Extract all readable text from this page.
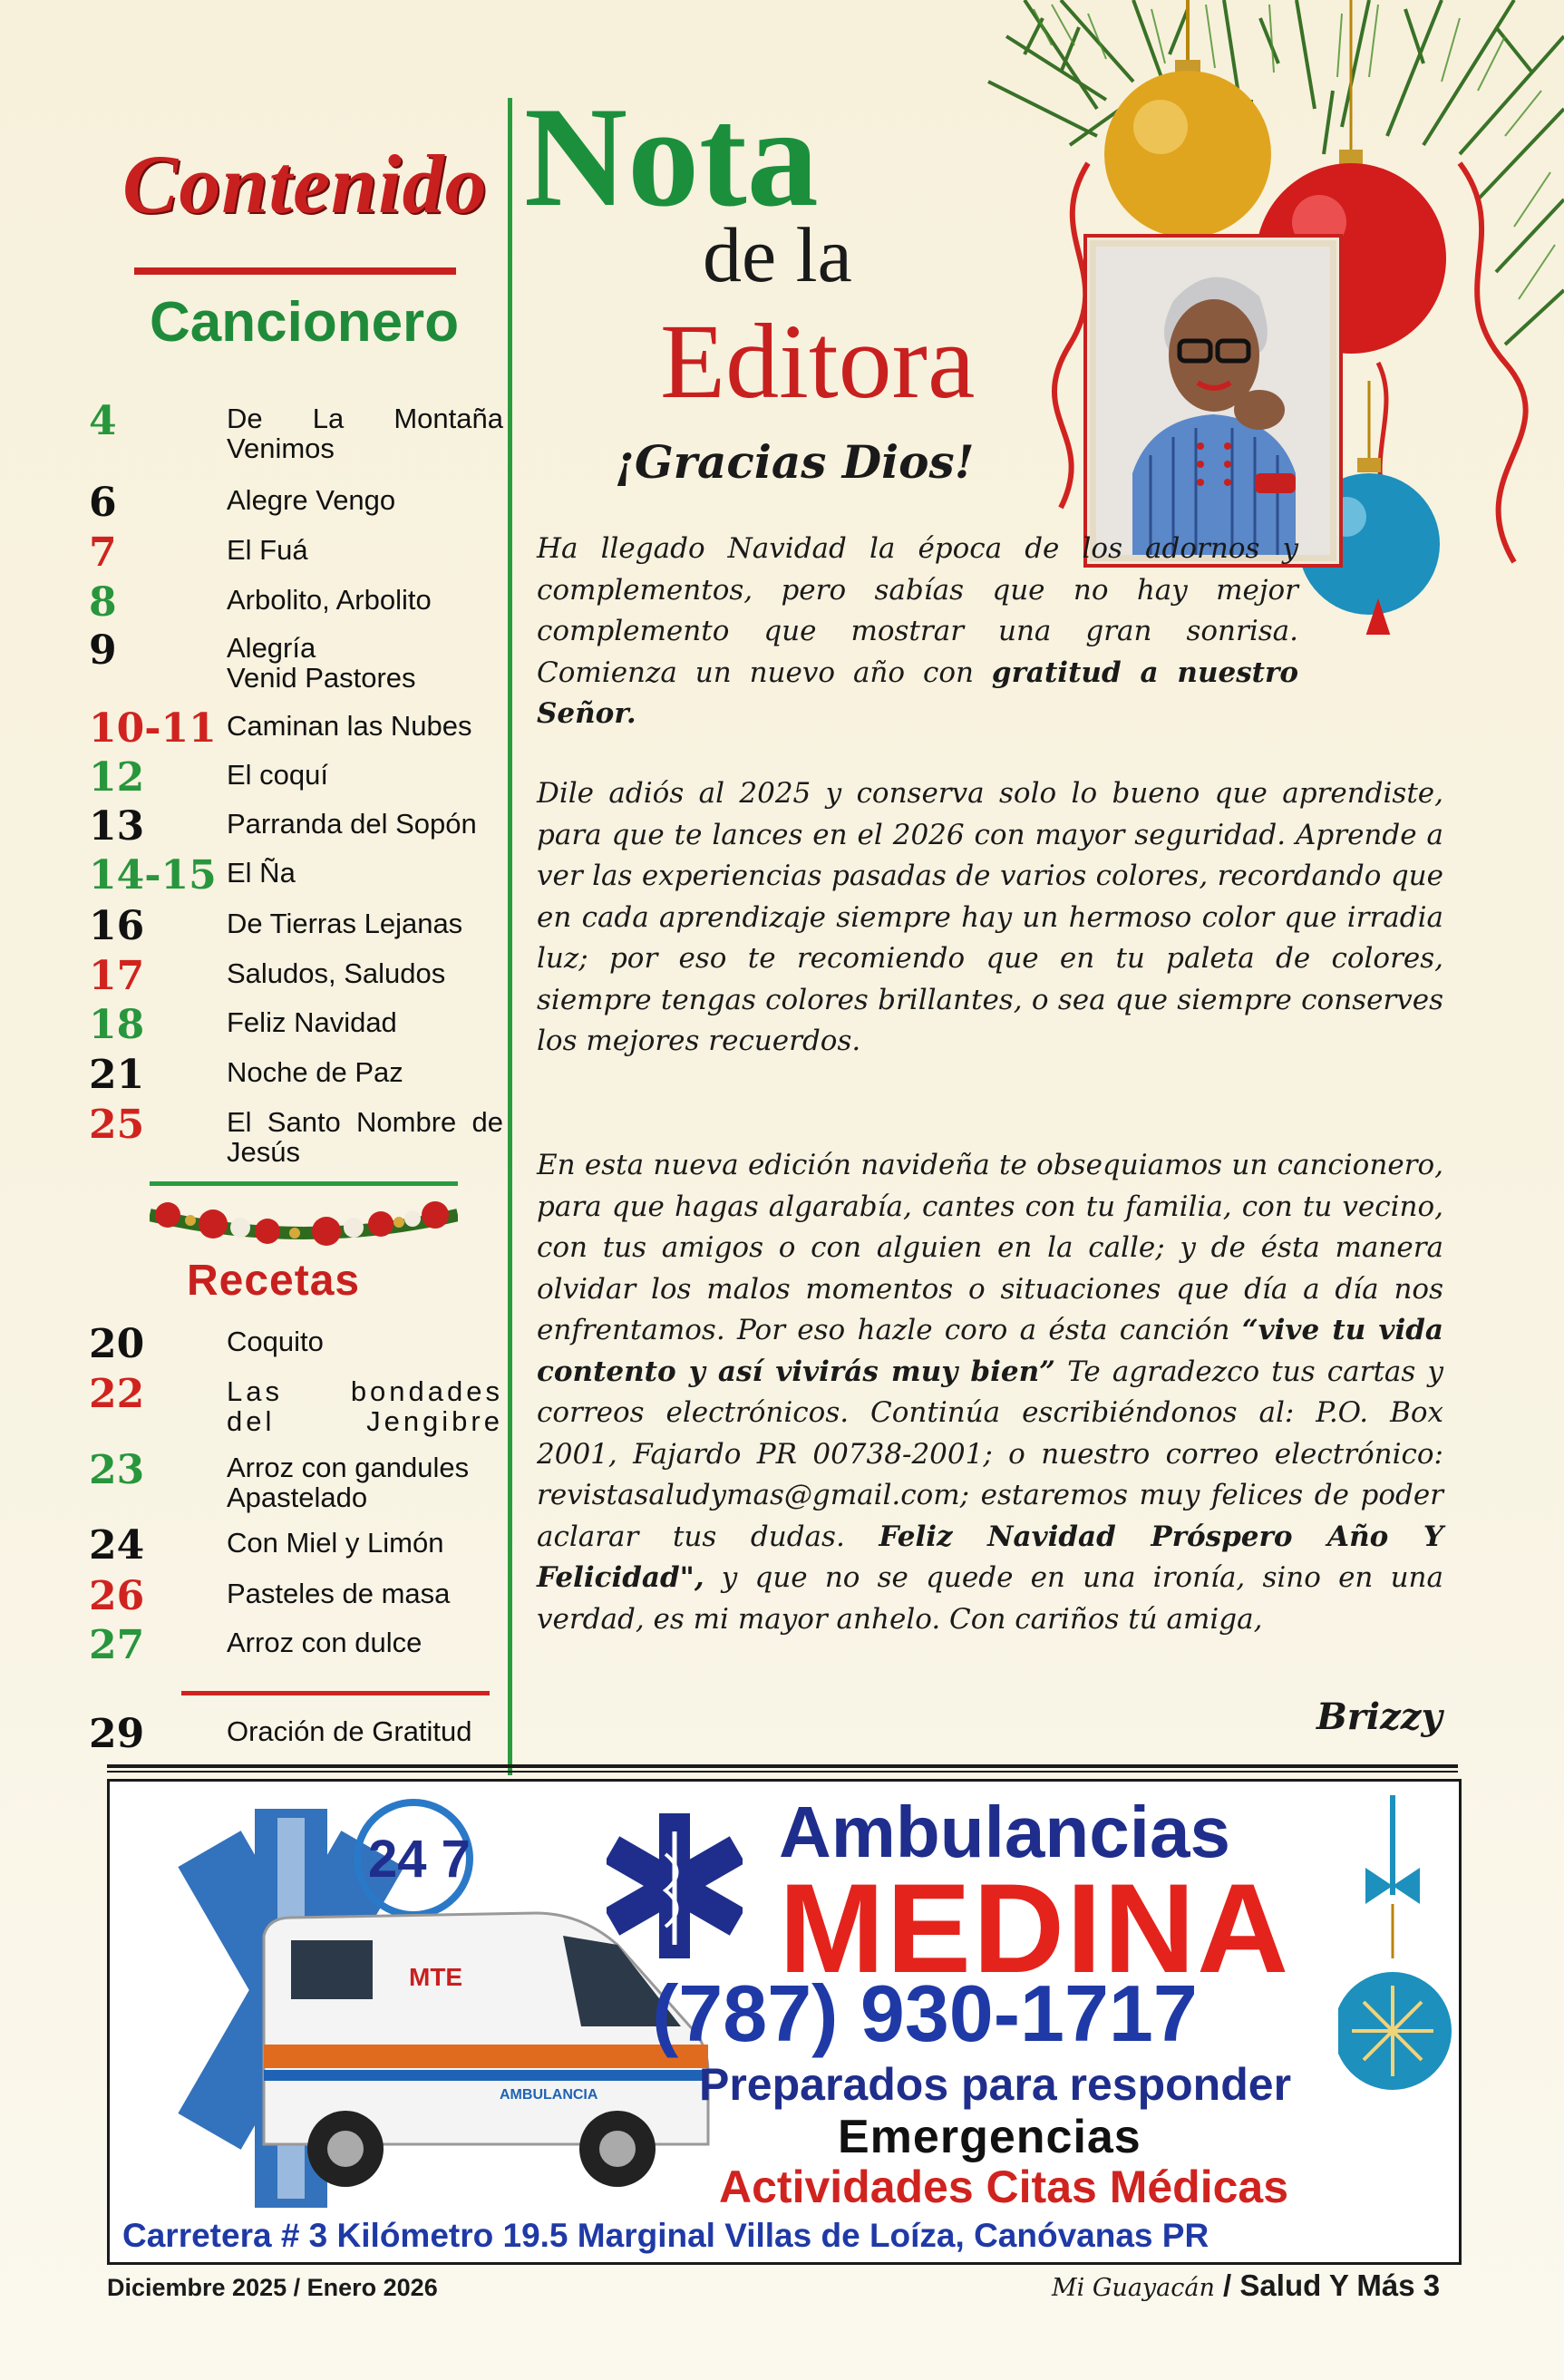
Contenido
Cancionero
4	De La Montaña Venimos
6	Alegre Vengo
7	El Fuá
8	Arbolito, Arbolito
9	Alegría
Venid Pastores
10-11 Caminan las Nubes
12	El coquí
13	Parranda del Sopón
14-15 El Ña
16	De Tierras Lejanas
17	Saludos, Saludos
18	Feliz Navidad
21	Noche de Paz
25	El Santo Nombre de Jesús
Recetas
20	Coquito
22	Las bondades del Jengibre
23	Arroz con gandules
Apastelado
24	Con Miel y Limón
26	Pasteles de masa
27	Arroz con dulce
29	Oración de Gratitud
Nota
de la
Editora
¡Gracias Dios!
Ha llegado Navidad la época de los adornos y complementos, pero sabías que no hay mejor complemento que mostrar una gran sonrisa. Comienza un nuevo año con gratitud a nuestro Señor.
Dile adiós al 2025 y conserva solo lo bueno que aprendiste, para que te lances en el 2026 con mayor seguridad. Aprende a ver las experiencias pasadas de varios colores, recordando que en cada aprendizaje siempre hay un hermoso color que irradia luz; por eso te recomiendo que en tu paleta de colores, siempre tengas colores brillantes, o sea que siempre conserves los mejores recuerdos.
En esta nueva edición navideña te obsequiamos un cancionero, para que hagas algarabía, cantes con tu familia, con tu vecino, con tus amigos o con alguien en la calle; y de ésta manera olvidar los malos momentos o situaciones que día a día nos enfrentamos. Por eso hazle coro a ésta canción “vive tu vida contento y así vivirás muy bien” Te agradezco tus cartas y correos electrónicos. Continúa escribiéndonos al: P.O. Box 2001, Fajardo PR 00738-2001; o nuestro correo electrónico: revistasaludymas@gmail.com; estaremos muy felices de poder aclarar tus dudas. Feliz Navidad Próspero Año Y Felicidad", y que no se quede en una ironía, sino en una verdad, es mi mayor anhelo. Con cariños tú amiga,
Brizzy
24 7
MTE
AMBULANCIA
Ambulancias
MEDINA
(787) 930-1717
Preparados para responder
Emergencias
Actividades Citas Médicas
Carretera # 3 Kilómetro 19.5 Marginal Villas de Loíza, Canóvanas PR
Diciembre 2025 / Enero 2026	Mi Guayacán / Salud Y Más 3
